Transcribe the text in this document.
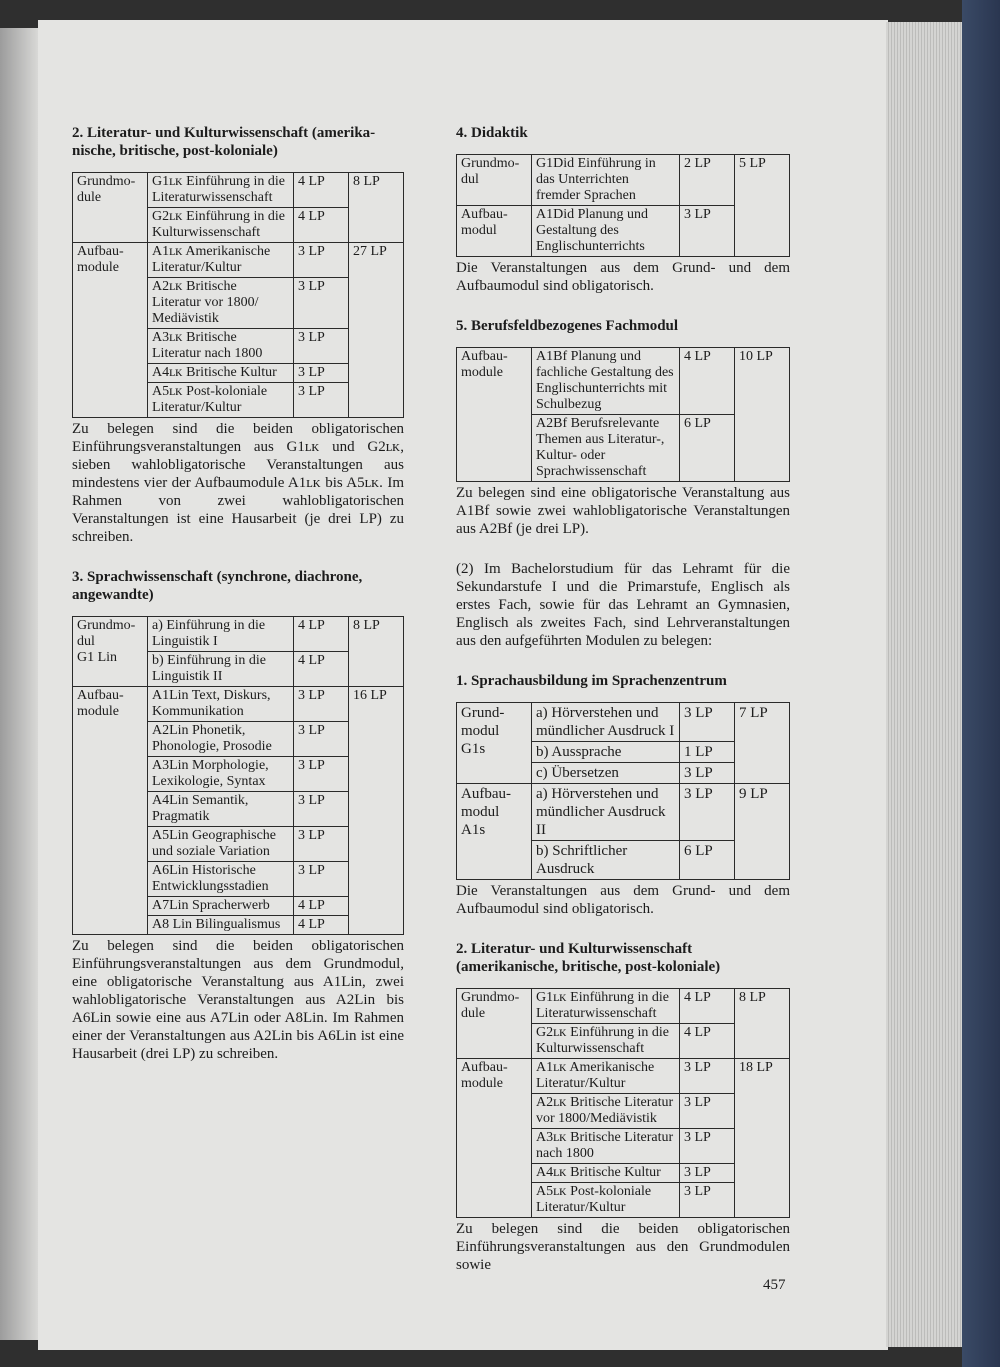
2. Literatur- und Kulturwissenschaft (amerika-
nische, britische, post-koloniale)
Grundmo-
dule	G1ʟᴋ Einführung in die Literaturwissenschaft	4 LP	8 LP
	G2ʟᴋ Einführung in die Kulturwissenschaft	4 LP	
Aufbau-
module	A1ʟᴋ Amerikanische Literatur/Kultur	3 LP	27 LP
	A2ʟᴋ Britische Literatur vor 1800/ Mediävistik	3 LP	
	A3ʟᴋ Britische Literatur nach 1800	3 LP	
	A4ʟᴋ Britische Kultur	3 LP	
	A5ʟᴋ Post-koloniale Literatur/Kultur	3 LP	

Zu belegen sind die beiden obligatorischen Einführungsveranstaltungen aus G1ʟᴋ und G2ʟᴋ, sieben wahlobligatorische Veranstaltungen aus mindestens vier der Aufbaumodule A1ʟᴋ bis A5ʟᴋ. Im Rahmen von zwei wahlobligatorischen Veranstaltungen ist eine Hausarbeit (je drei LP) zu schreiben.

3. Sprachwissenschaft (synchrone, diachrone, angewandte)
Grundmo-
dul
G1 Lin	a) Einführung in die Linguistik I	4 LP	8 LP
	b) Einführung in die Linguistik II	4 LP	
Aufbau-
module	A1Lin Text, Diskurs, Kommunikation	3 LP	16 LP
	A2Lin Phonetik, Phonologie, Prosodie	3 LP	
	A3Lin Morphologie, Lexikologie, Syntax	3 LP	
	A4Lin Semantik, Pragmatik	3 LP	
	A5Lin Geographische und soziale Variation	3 LP	
	A6Lin Historische Entwicklungsstadien	3 LP	
	A7Lin Spracherwerb	4 LP	
	A8 Lin Bilingualismus	4 LP	

Zu belegen sind die beiden obligatorischen Einführungsveranstaltungen aus dem Grundmodul, eine obligatorische Veranstaltung aus A1Lin, zwei wahlobligatorische Veranstaltungen aus A2Lin bis A6Lin sowie eine aus A7Lin oder A8Lin. Im Rahmen einer der Veranstaltungen aus A2Lin bis A6Lin ist eine Hausarbeit (drei LP) zu schreiben.

4. Didaktik
Grundmo-
dul	G1Did Einführung in das Unterrichten fremder Sprachen	2 LP	5 LP
Aufbau-
modul	A1Did Planung und Gestaltung des Englischunterrichts	3 LP	

Die Veranstaltungen aus dem Grund- und dem Aufbaumodul sind obligatorisch.

5. Berufsfeldbezogenes Fachmodul
Aufbau-
module	A1Bf Planung und fachliche Gestaltung des Englischunterrichts mit Schulbezug	4 LP	10 LP
	A2Bf Berufsrelevante Themen aus Literatur-, Kultur- oder Sprachwissenschaft	6 LP	

Zu belegen sind eine obligatorische Veranstaltung aus A1Bf sowie zwei wahlobligatorische Veranstaltungen aus A2Bf (je drei LP).

(2) Im Bachelorstudium für das Lehramt für die Sekundarstufe I und die Primarstufe, Englisch als erstes Fach, sowie für das Lehramt an Gymnasien, Englisch als zweites Fach, sind Lehrveranstaltungen aus den aufgeführten Modulen zu belegen:

1. Sprachausbildung im Sprachenzentrum
Grund-
modul
G1s	a) Hörverstehen und mündlicher Ausdruck I	3 LP	7 LP
	b) Aussprache	1 LP	
	c) Übersetzen	3 LP	
Aufbau-
modul
A1s	a) Hörverstehen und mündlicher Ausdruck II	3 LP	9 LP
	b) Schriftlicher Ausdruck	6 LP	

Die Veranstaltungen aus dem Grund- und dem Aufbaumodul sind obligatorisch.

2. Literatur- und Kulturwissenschaft (amerikanische, britische, post-koloniale)
Grundmo-
dule	G1ʟᴋ Einführung in die Literaturwissenschaft	4 LP	8 LP
	G2ʟᴋ Einführung in die Kulturwissenschaft	4 LP	
Aufbau-
module	A1ʟᴋ Amerikanische Literatur/Kultur	3 LP	18 LP
	A2ʟᴋ Britische Literatur vor 1800/Mediävistik	3 LP	
	A3ʟᴋ Britische Literatur nach 1800	3 LP	
	A4ʟᴋ Britische Kultur	3 LP	
	A5ʟᴋ Post-koloniale Literatur/Kultur	3 LP	

Zu belegen sind die beiden obligatorischen Einführungsveranstaltungen aus den Grundmodulen sowie

457
